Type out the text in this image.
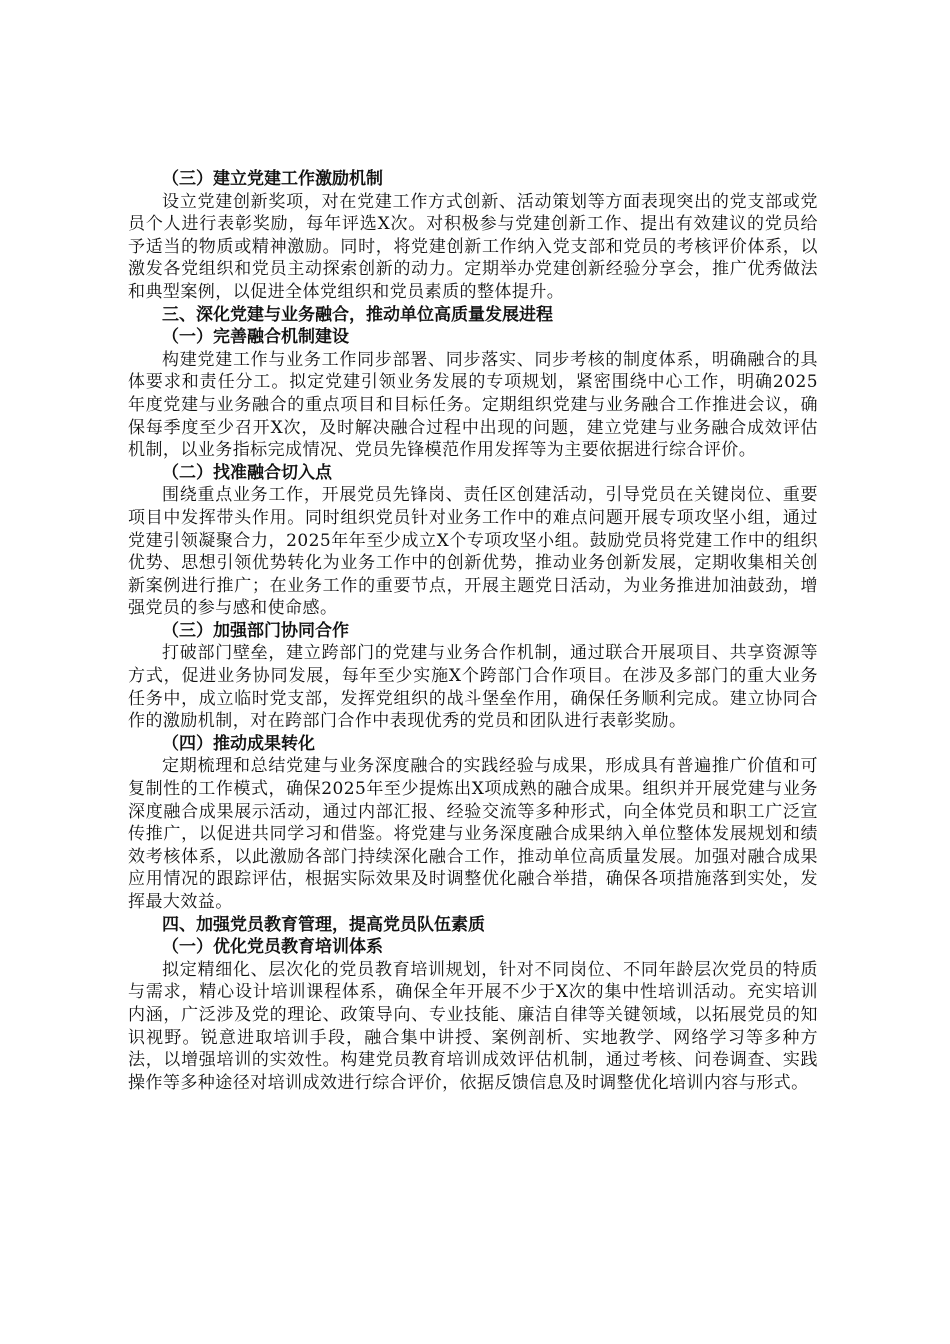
（三）建立党建工作激励机制

设立党建创新奖项，对在党建工作方式创新、活动策划等方面表现突出的党支部或党员个人进行表彰奖励，每年评选X次。对积极参与党建创新工作、提出有效建议的党员给予适当的物质或精神激励。同时，将党建创新工作纳入党支部和党员的考核评价体系，以激发各党组织和党员主动探索创新的动力。定期举办党建创新经验分享会，推广优秀做法和典型案例，以促进全体党组织和党员素质的整体提升。

三、深化党建与业务融合，推动单位高质量发展进程
（一）完善融合机制建设

构建党建工作与业务工作同步部署、同步落实、同步考核的制度体系，明确融合的具体要求和责任分工。拟定党建引领业务发展的专项规划，紧密围绕中心工作，明确2025年度党建与业务融合的重点项目和目标任务。定期组织党建与业务融合工作推进会议，确保每季度至少召开X次，及时解决融合过程中出现的问题，建立党建与业务融合成效评估机制，以业务指标完成情况、党员先锋模范作用发挥等为主要依据进行综合评价。

（二）找准融合切入点

围绕重点业务工作，开展党员先锋岗、责任区创建活动，引导党员在关键岗位、重要项目中发挥带头作用。同时组织党员针对业务工作中的难点问题开展专项攻坚小组，通过党建引领凝聚合力，2025年年至少成立X个专项攻坚小组。鼓励党员将党建工作中的组织优势、思想引领优势转化为业务工作中的创新优势，推动业务创新发展，定期收集相关创新案例进行推广；在业务工作的重要节点，开展主题党日活动，为业务推进加油鼓劲，增强党员的参与感和使命感。

（三）加强部门协同合作

打破部门壁垒，建立跨部门的党建与业务合作机制，通过联合开展项目、共享资源等方式，促进业务协同发展，每年至少实施X个跨部门合作项目。在涉及多部门的重大业务任务中，成立临时党支部，发挥党组织的战斗堡垒作用，确保任务顺利完成。建立协同合作的激励机制，对在跨部门合作中表现优秀的党员和团队进行表彰奖励。

（四）推动成果转化

定期梳理和总结党建与业务深度融合的实践经验与成果，形成具有普遍推广价值和可复制性的工作模式，确保2025年至少提炼出X项成熟的融合成果。组织并开展党建与业务深度融合成果展示活动，通过内部汇报、经验交流等多种形式，向全体党员和职工广泛宣传推广，以促进共同学习和借鉴。将党建与业务深度融合成果纳入单位整体发展规划和绩效考核体系，以此激励各部门持续深化融合工作，推动单位高质量发展。加强对融合成果应用情况的跟踪评估，根据实际效果及时调整优化融合举措，确保各项措施落到实处，发挥最大效益。

四、加强党员教育管理，提高党员队伍素质
（一）优化党员教育培训体系

拟定精细化、层次化的党员教育培训规划，针对不同岗位、不同年龄层次党员的特质与需求，精心设计培训课程体系，确保全年开展不少于X次的集中性培训活动。充实培训内涵，广泛涉及党的理论、政策导向、专业技能、廉洁自律等关键领域，以拓展党员的知识视野。锐意进取培训手段，融合集中讲授、案例剖析、实地教学、网络学习等多种方法，以增强培训的实效性。构建党员教育培训成效评估机制，通过考核、问卷调查、实践操作等多种途径对培训成效进行综合评价，依据反馈信息及时调整优化培训内容与形式。
